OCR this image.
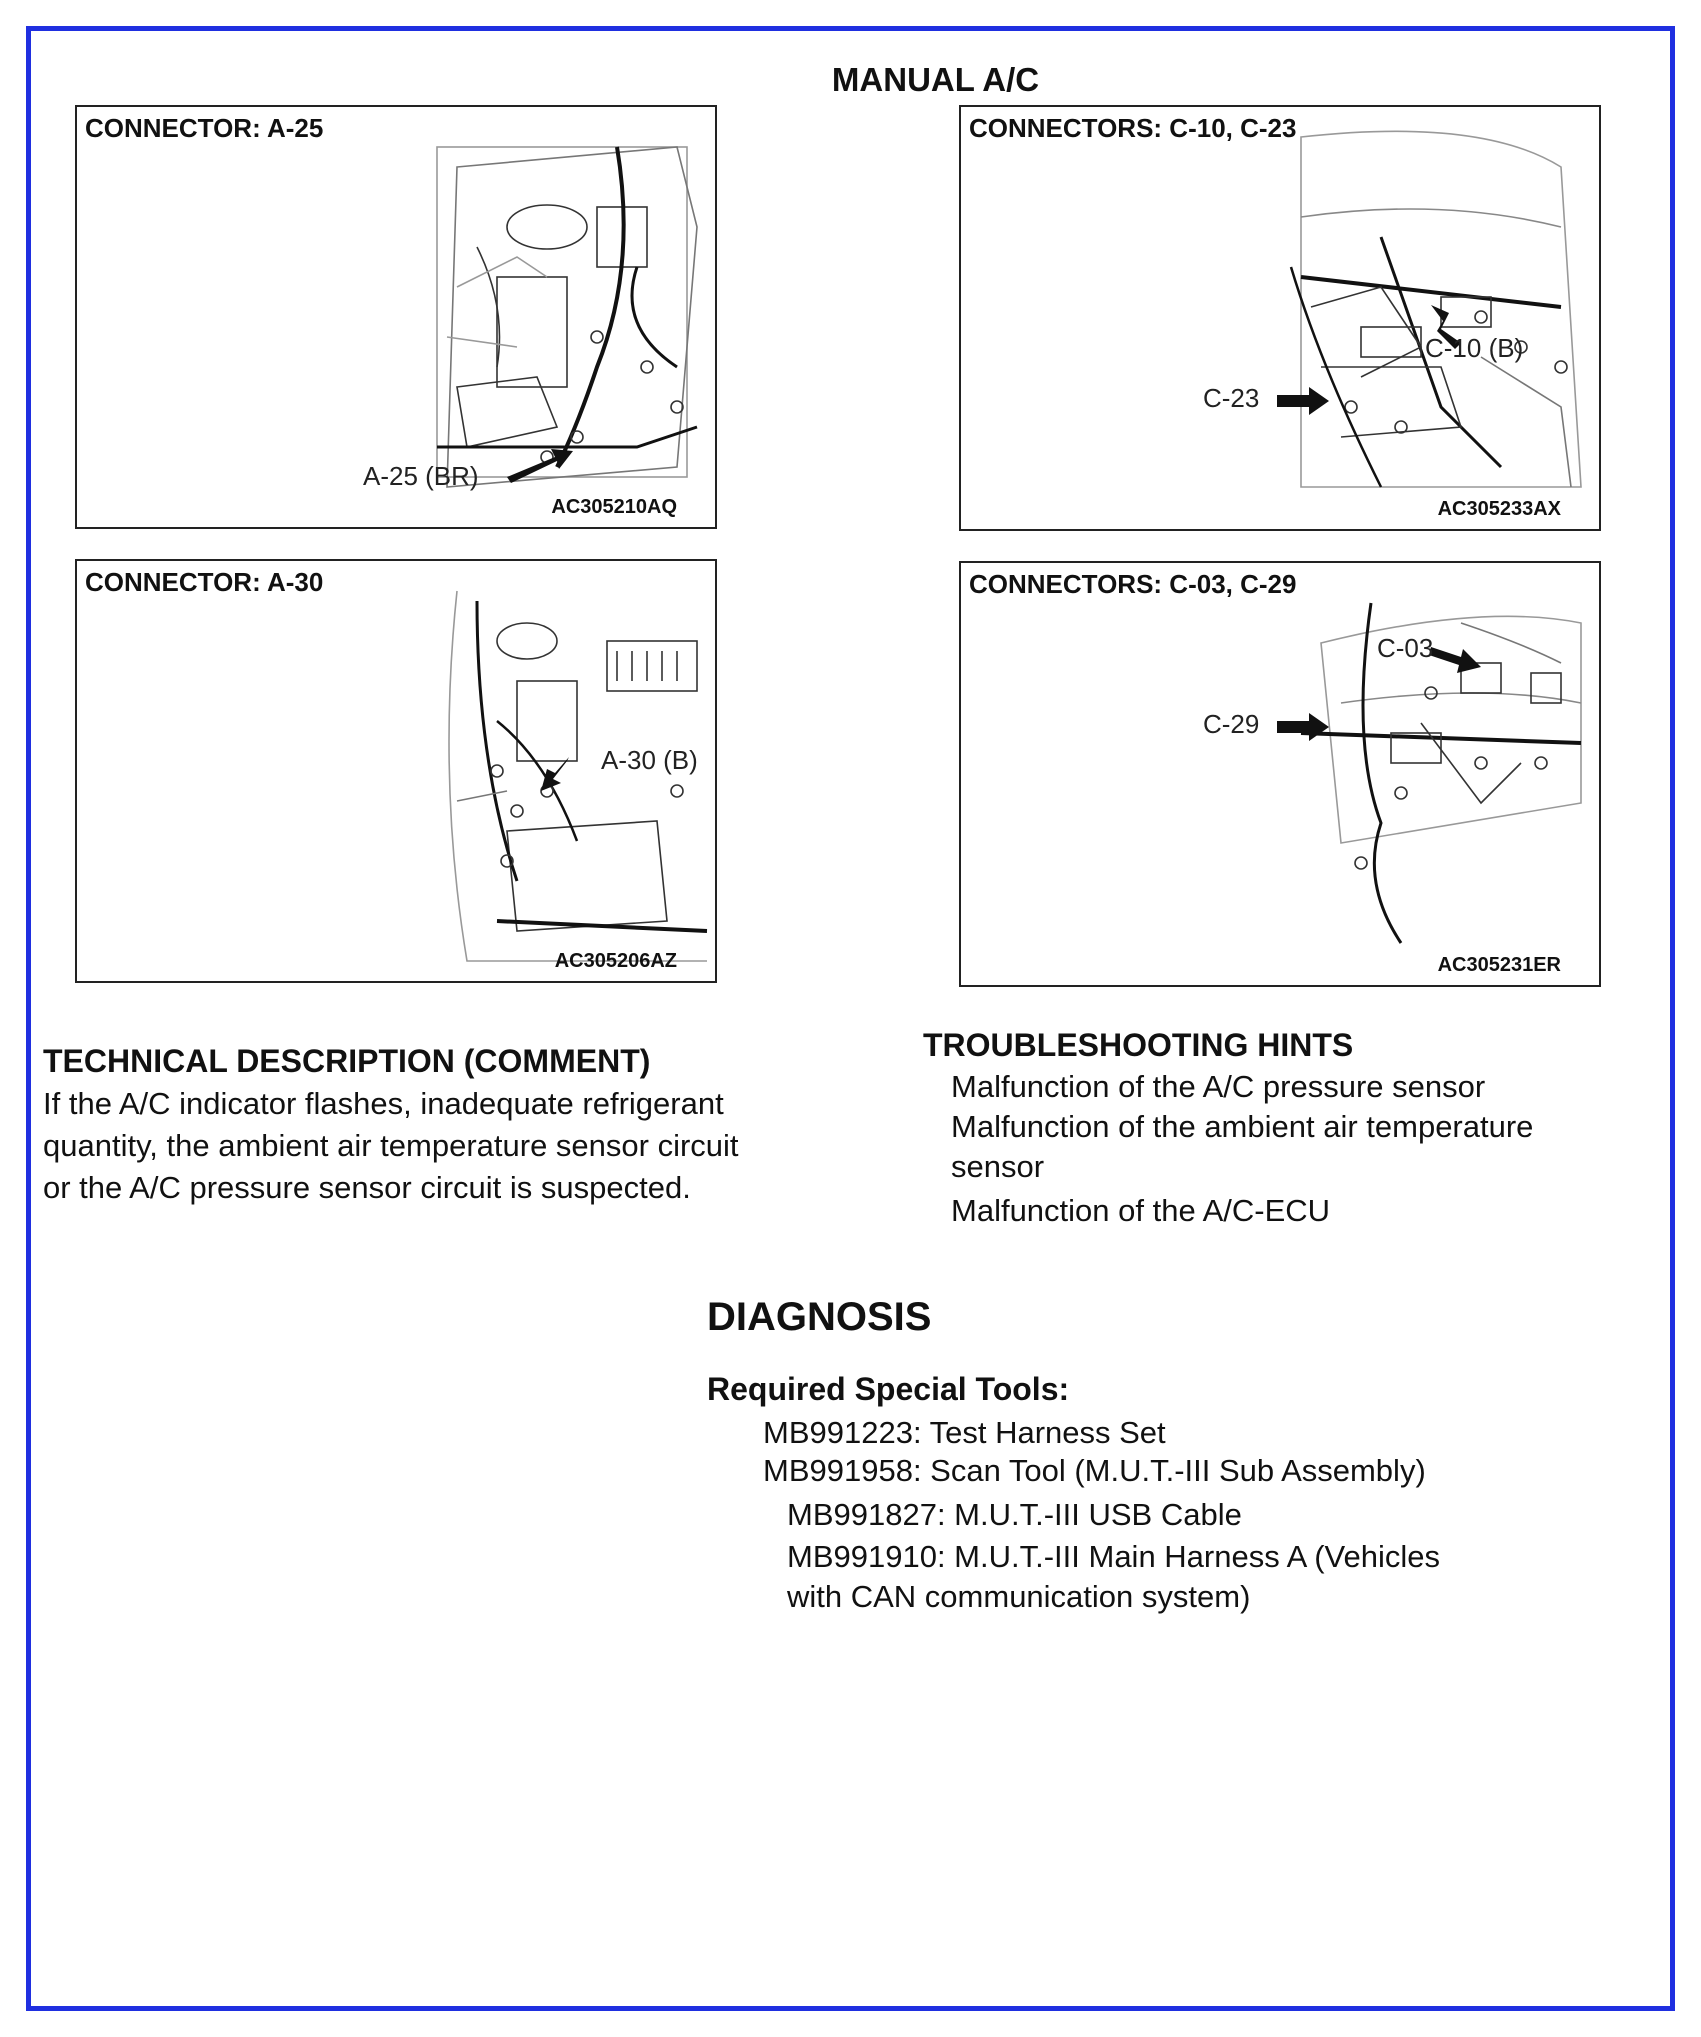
MANUAL A/C
CONNECTOR: A-25
A-25 (BR)
AC305210AQ
CONNECTORS: C-10, C-23
C-10 (B)
C-23
AC305233AX
CONNECTOR: A-30
A-30 (B)
AC305206AZ
CONNECTORS: C-03, C-29
C-03
C-29
AC305231ER
TECHNICAL DESCRIPTION (COMMENT)
If the A/C indicator flashes, inadequate refrigerant
quantity, the ambient air temperature sensor circuit
or the A/C pressure sensor circuit is suspected.
TROUBLESHOOTING HINTS
Malfunction of the A/C pressure sensor
Malfunction of the ambient air temperature
sensor
Malfunction of the A/C-ECU
DIAGNOSIS
Required Special Tools:
MB991223: Test Harness Set
MB991958: Scan Tool (M.U.T.-III Sub Assembly)
MB991827: M.U.T.-III USB Cable
MB991910: M.U.T.-III Main Harness A (Vehicles
with CAN communication system)
